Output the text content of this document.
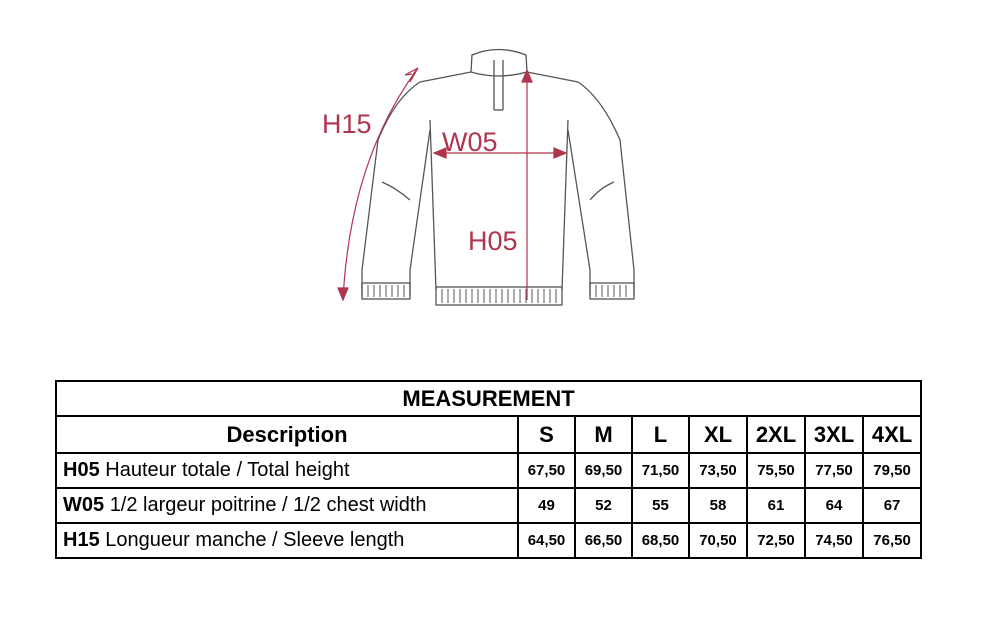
H15
W05
H05
MEASUREMENT							
Description	S	M	L	XL	2XL	3XL	4XL
H05 Hauteur totale / Total height	67,50	69,50	71,50	73,50	75,50	77,50	79,50
W05 1/2 largeur poitrine / 1/2 chest width	49	52	55	58	61	64	67
H15 Longueur manche / Sleeve length	64,50	66,50	68,50	70,50	72,50	74,50	76,50
